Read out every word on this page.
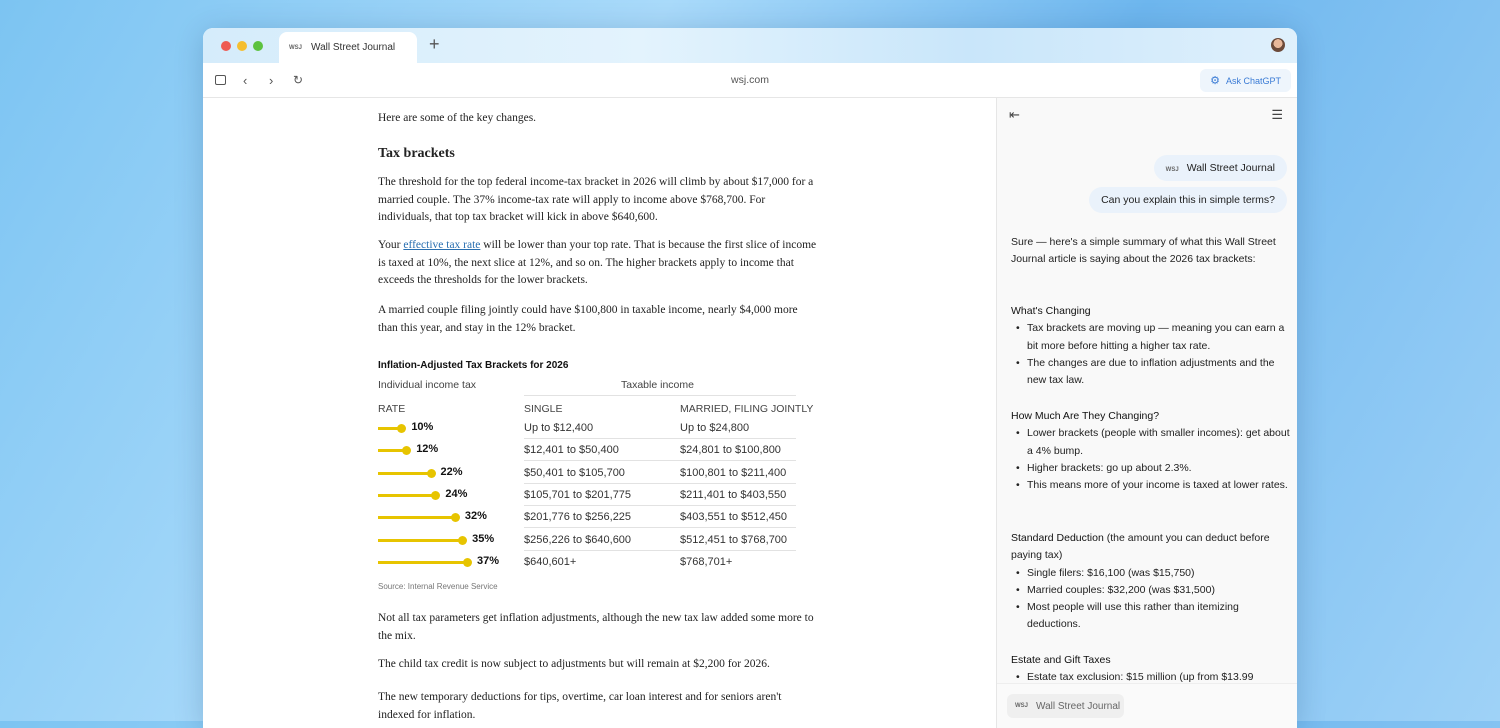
WSJ Wall Street Journal +
‹ › ↻	wsj.com	⚙ Ask ChatGPT
Here are some of the key changes.
Tax brackets
The threshold for the top federal income-tax bracket in 2026 will climb by about $17,000 for a married couple. The 37% income-tax rate will apply to income above $768,700. For individuals, that top tax bracket will kick in above $640,600.
Your effective tax rate will be lower than your top rate. That is because the first slice of income is taxed at 10%, the next slice at 12%, and so on. The higher brackets apply to income that exceeds the thresholds for the lower brackets.
A married couple filing jointly could have $100,800 in taxable income, nearly $4,000 more than this year, and stay in the 12% bracket.
Inflation-Adjusted Tax Brackets for 2026
Individual income tax	Taxable income
RATE	SINGLE	MARRIED, FILING JOINTLY
10%	Up to $12,400	Up to $24,800
12%	$12,401 to $50,400	$24,801 to $100,800
22%	$50,401 to $105,700	$100,801 to $211,400
24%	$105,701 to $201,775	$211,401 to $403,550
32%	$201,776 to $256,225	$403,551 to $512,450
35%	$256,226 to $640,600	$512,451 to $768,700
37% $640,601+	$768,701+
Source: Internal Revenue Service
Not all tax parameters get inflation adjustments, although the new tax law added some more to the mix.
The child tax credit is now subject to adjustments but will remain at $2,200 for 2026.
The new temporary deductions for tips, overtime, car loan interest and for seniors aren't indexed for inflation.
⇤	☰
WSJ Wall Street Journal
Can you explain this in simple terms?
Sure — here's a simple summary of what this Wall Street Journal article is saying about the 2026 tax brackets:
What's Changing
• Tax brackets are moving up — meaning you can earn a bit more before hitting a higher tax rate.
• The changes are due to inflation adjustments and the new tax law.
How Much Are They Changing?
• Lower brackets (people with smaller incomes): get about a 4% bump.
• Higher brackets: go up about 2.3%.
• This means more of your income is taxed at lower rates.
Standard Deduction (the amount you can deduct before paying tax)
• Single filers: $16,100 (was $15,750)
• Married couples: $32,200 (was $31,500)
• Most people will use this rather than itemizing deductions.
Estate and Gift Taxes
• Estate tax exclusion: $15 million (up from $13.99
WSJ Wall Street Journal
